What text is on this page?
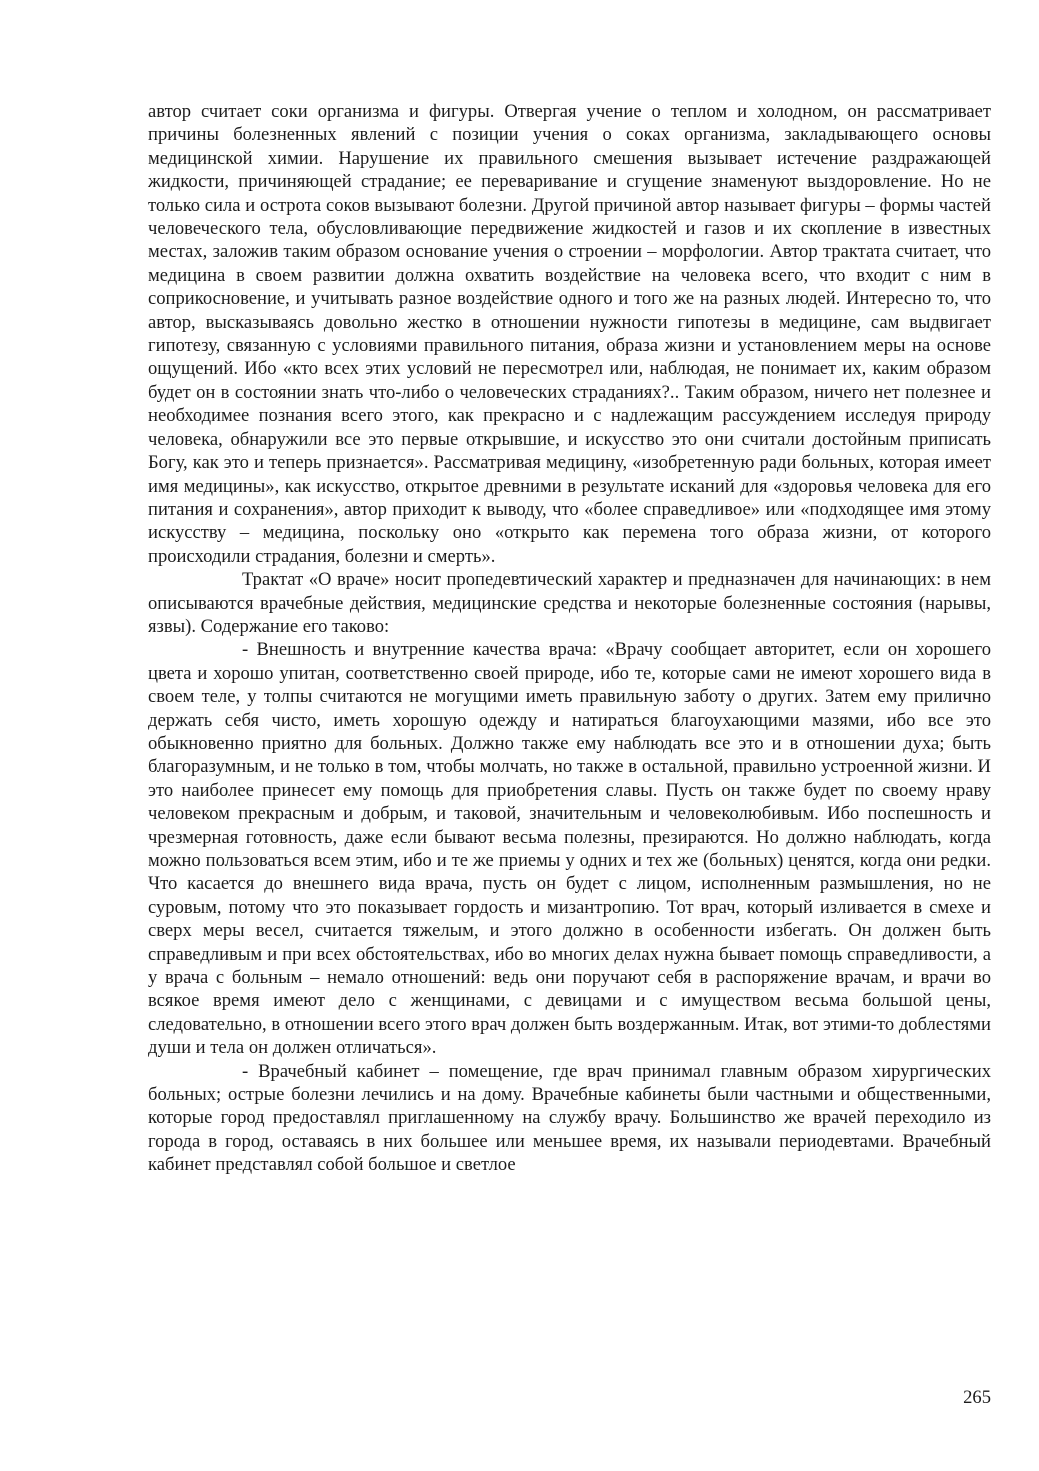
автор считает соки организма и фигуры. Отвергая учение о теплом и холодном, он рассматривает причины болезненных явлений с позиции учения о соках организма, закладывающего основы медицинской химии. Нарушение их правильного смешения вызывает истечение раздражающей жидкости, причиняющей страдание; ее переваривание и сгущение знаменуют выздоровление. Но не только сила и острота соков вызывают болезни. Другой причиной автор называет фигуры – формы частей человеческого тела, обусловливающие передвижение жидкостей и газов и их скопление в известных местах, заложив таким образом основание учения о строении – морфологии. Автор трактата считает, что медицина в своем развитии должна охватить воздействие на человека всего, что входит с ним в соприкосновение, и учитывать разное воздействие одного и того же на разных людей. Интересно то, что автор, высказываясь довольно жестко в отношении нужности гипотезы в медицине, сам выдвигает гипотезу, связанную с условиями правильного питания, образа жизни и установлением меры на основе ощущений. Ибо «кто всех этих условий не пересмотрел или, наблюдая, не понимает их, каким образом будет он в состоянии знать что-либо о человеческих страданиях?.. Таким образом, ничего нет полезнее и необходимее познания всего этого, как прекрасно и с надлежащим рассуждением исследуя природу человека, обнаружили все это первые открывшие, и искусство это они считали достойным приписать Богу, как это и теперь признается». Рассматривая медицину, «изобретенную ради больных, которая имеет имя медицины», как искусство, открытое древними в результате исканий для «здоровья человека для его питания и сохранения», автор приходит к выводу, что «более справедливое» или «подходящее имя этому искусству – медицина, поскольку оно «открыто как перемена того образа жизни, от которого происходили страдания, болезни и смерть».

Трактат «О враче» носит пропедевтический характер и предназначен для начинающих: в нем описываются врачебные действия, медицинские средства и некоторые болезненные состояния (нарывы, язвы). Содержание его таково:

- Внешность и внутренние качества врача: «Врачу сообщает авторитет, если он хорошего цвета и хорошо упитан, соответственно своей природе, ибо те, которые сами не имеют хорошего вида в своем теле, у толпы считаются не могущими иметь правильную заботу о других. Затем ему прилично держать себя чисто, иметь хорошую одежду и натираться благоухающими мазями, ибо все это обыкновенно приятно для больных. Должно также ему наблюдать все это и в отношении духа; быть благоразумным, и не только в том, чтобы молчать, но также в остальной, правильно устроенной жизни. И это наиболее принесет ему помощь для приобретения славы. Пусть он также будет по своему нраву человеком прекрасным и добрым, и таковой, значительным и человеколюбивым. Ибо поспешность и чрезмерная готовность, даже если бывают весьма полезны, презираются. Но должно наблюдать, когда можно пользоваться всем этим, ибо и те же приемы у одних и тех же (больных) ценятся, когда они редки. Что касается до внешнего вида врача, пусть он будет с лицом, исполненным размышления, но не суровым, потому что это показывает гордость и мизантропию. Тот врач, который изливается в смехе и сверх меры весел, считается тяжелым, и этого должно в особенности избегать. Он должен быть справедливым и при всех обстоятельствах, ибо во многих делах нужна бывает помощь справедливости, а у врача с больным – немало отношений: ведь они поручают себя в распоряжение врачам, и врачи во всякое время имеют дело с женщинами, с девицами и с имуществом весьма большой цены, следовательно, в отношении всего этого врач должен быть воздержанным. Итак, вот этими-то доблестями души и тела он должен отличаться».

- Врачебный кабинет – помещение, где врач принимал главным образом хирургических больных; острые болезни лечились и на дому. Врачебные кабинеты были частными и общественными, которые город предоставлял приглашенному на службу врачу. Большинство же врачей переходило из города в город, оставаясь в них большее или меньшее время, их называли периодевтами. Врачебный кабинет представлял собой большое и светлое

265
